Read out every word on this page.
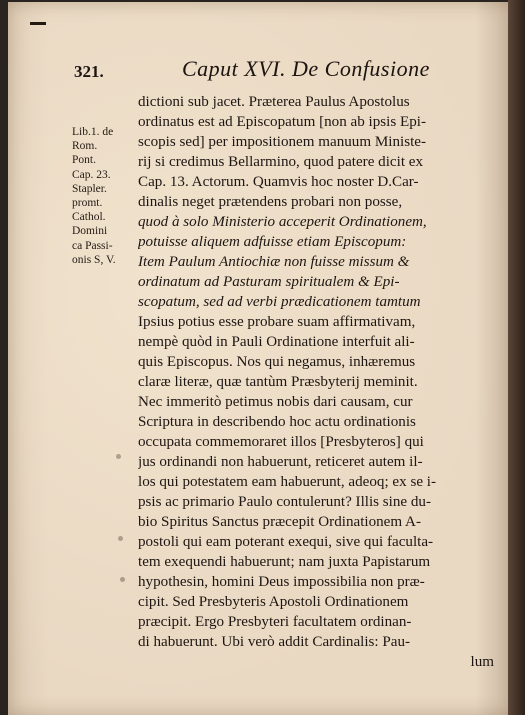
321.	Caput XVI. De Confusione
Lib.1. de
Rom.
Pont.
Cap. 23.
Stapler.
promt.
Cathol.
Domini
ca Passi-
onis S, V.
dictioni sub jacet. Præterea Paulus Apostolus
ordinatus est ad Episcopatum [non ab ipsis Epi-
scopis sed] per impositionem manuum Ministe-
rij si credimus Bellarmino, quod patere dicit ex
Cap. 13. Actorum. Quamvis hoc noster D.Car-
dinalis neget prætendens probari non posse,
quod à solo Ministerio acceperit Ordinationem,
potuisse aliquem adfuisse etiam Episcopum:
Item Paulum Antiochiæ non fuisse missum &
ordinatum ad Pasturam spiritualem & Epi-
scopatum, sed ad verbi prædicationem tamtum
Ipsius potius esse probare suam affirmativam,
nempè quòd in Pauli Ordinatione interfuit ali-
quis Episcopus. Nos qui negamus, inhæremus
claræ literæ, quæ tantùm Præsbyterij meminit.
Nec immeritò petimus nobis dari causam, cur
Scriptura in describendo hoc actu ordinationis
occupata commemoraret illos [Presbyteros] qui
jus ordinandi non habuerunt, reticeret autem il-
los qui potestatem eam habuerunt, adeoq; ex se i-
psis ac primario Paulo contulerunt? Illis sine du-
bio Spiritus Sanctus præcepit Ordinationem A-
postoli qui eam poterant exequi, sive qui faculta-
tem exequendi habuerunt; nam juxta Papistarum
hypothesin, homini Deus impossibilia non præ-
cipit. Sed Presbyteris Apostoli Ordinationem
præcipit. Ergo Presbyteri facultatem ordinan-
di habuerunt. Ubi verò addit Cardinalis: Pau-
lum
